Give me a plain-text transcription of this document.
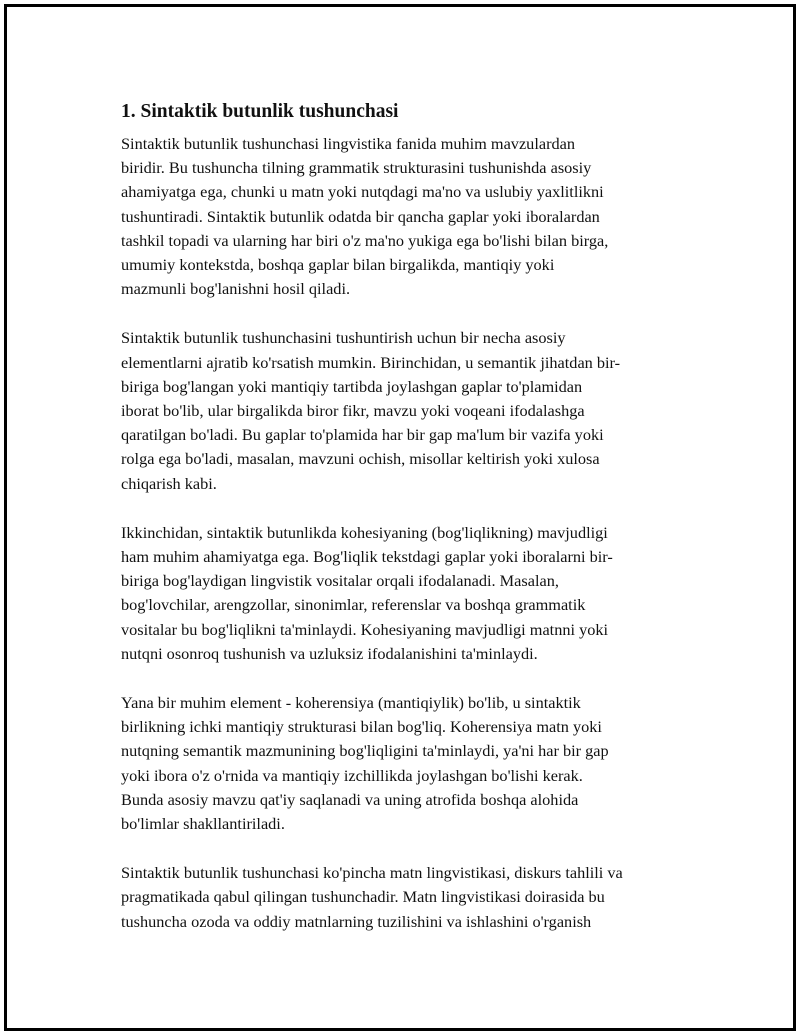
1. Sintaktik butunlik tushunchasi

Sintaktik butunlik tushunchasi lingvistika fanida muhim mavzulardan
biridir. Bu tushuncha tilning grammatik strukturasini tushunishda asosiy
ahamiyatga ega, chunki u matn yoki nutqdagi ma'no va uslubiy yaxlitlikni
tushuntiradi. Sintaktik butunlik odatda bir qancha gaplar yoki iboralardan
tashkil topadi va ularning har biri o'z ma'no yukiga ega bo'lishi bilan birga,
umumiy kontekstda, boshqa gaplar bilan birgalikda, mantiqiy yoki
mazmunli bog'lanishni hosil qiladi.

Sintaktik butunlik tushunchasini tushuntirish uchun bir necha asosiy
elementlarni ajratib ko'rsatish mumkin. Birinchidan, u semantik jihatdan bir-
biriga bog'langan yoki mantiqiy tartibda joylashgan gaplar to'plamidan
iborat bo'lib, ular birgalikda biror fikr, mavzu yoki voqeani ifodalashga
qaratilgan bo'ladi. Bu gaplar to'plamida har bir gap ma'lum bir vazifa yoki
rolga ega bo'ladi, masalan, mavzuni ochish, misollar keltirish yoki xulosa
chiqarish kabi.

Ikkinchidan, sintaktik butunlikda kohesiyaning (bog'liqlikning) mavjudligi
ham muhim ahamiyatga ega. Bog'liqlik tekstdagi gaplar yoki iboralarni bir-
biriga bog'laydigan lingvistik vositalar orqali ifodalanadi. Masalan,
bog'lovchilar, arengzollar, sinonimlar, referenslar va boshqa grammatik
vositalar bu bog'liqlikni ta'minlaydi. Kohesiyaning mavjudligi matnni yoki
nutqni osonroq tushunish va uzluksiz ifodalanishini ta'minlaydi.

Yana bir muhim element - koherensiya (mantiqiylik) bo'lib, u sintaktik
birlikning ichki mantiqiy strukturasi bilan bog'liq. Koherensiya matn yoki
nutqning semantik mazmunining bog'liqligini ta'minlaydi, ya'ni har bir gap
yoki ibora o'z o'rnida va mantiqiy izchillikda joylashgan bo'lishi kerak.
Bunda asosiy mavzu qat'iy saqlanadi va uning atrofida boshqa alohida
bo'limlar shakllantiriladi.

Sintaktik butunlik tushunchasi ko'pincha matn lingvistikasi, diskurs tahlili va
pragmatikada qabul qilingan tushunchadir. Matn lingvistikasi doirasida bu
tushuncha ozoda va oddiy matnlarning tuzilishini va ishlashini o'rganish
